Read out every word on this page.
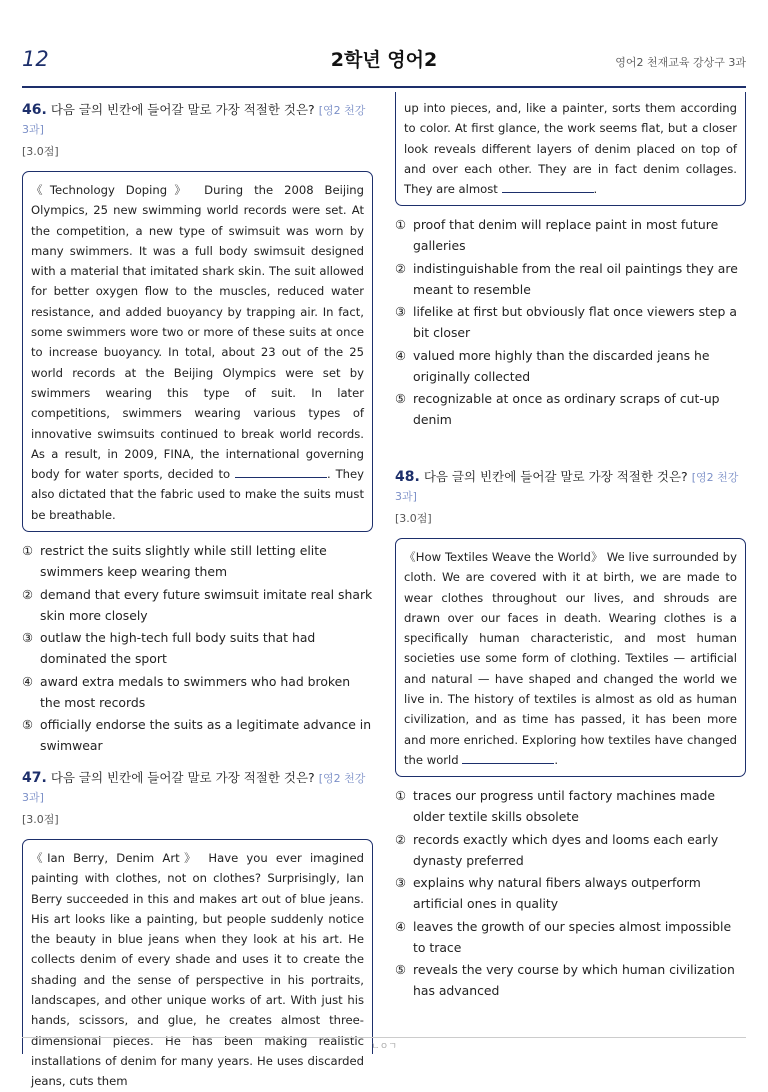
12	2학년 영어2	영어2 천재교육 강상구 3과
46. 다음 글의 빈칸에 들어갈 말로 가장 적절한 것은? [영2 천강 3과]
[3.0점]
《Technology Doping》 During the 2008 Beijing Olympics, 25 new swimming world records were set. At the competition, a new type of swimsuit was worn by many swimmers. It was a full body swimsuit designed with a material that imitated shark skin. The suit allowed for better oxygen flow to the muscles, reduced water resistance, and added buoyancy by trapping air. In fact, some swimmers wore two or more of these suits at once to increase buoyancy. In total, about 23 out of the 25 world records at the Beijing Olympics were set by swimmers wearing this type of suit. In later competitions, swimmers wearing various types of innovative swimsuits continued to break world records. As a result, in 2009, FINA, the international governing body for water sports, decided to	. They also dictated that the fabric used to make the suits must be breathable.
① restrict the suits slightly while still letting elite swimmers keep wearing them
② demand that every future swimsuit imitate real shark skin more closely
③ outlaw the high-tech full body suits that had dominated the sport
④ award extra medals to swimmers who had broken the most records
⑤ officially endorse the suits as a legitimate advance in swimwear
47. 다음 글의 빈칸에 들어갈 말로 가장 적절한 것은? [영2 천강 3과]
[3.0점]
《Ian Berry, Denim Art》 Have you ever imagined painting with clothes, not on clothes? Surprisingly, Ian Berry succeeded in this and makes art out of blue jeans. His art looks like a painting, but people suddenly notice the beauty in blue jeans when they look at his art. He collects denim of every shade and uses it to create the shading and the sense of perspective in his portraits, landscapes, and other unique works of art. With just his hands, scissors, and glue, he creates almost three-dimensional pieces. He has been making realistic installations of denim for many years. He uses discarded jeans, cuts them
up into pieces, and, like a painter, sorts them according to color. At first glance, the work seems flat, but a closer look reveals different layers of denim placed on top of and over each other. They are in fact denim collages. They are almost	.
① proof that denim will replace paint in most future galleries
② indistinguishable from the real oil paintings they are meant to resemble
③ lifelike at first but obviously flat once viewers step a bit closer
④ valued more highly than the discarded jeans he originally collected
⑤ recognizable at once as ordinary scraps of cut-up denim
48. 다음 글의 빈칸에 들어갈 말로 가장 적절한 것은? [영2 천강 3과]
[3.0점]
《How Textiles Weave the World》 We live surrounded by cloth. We are covered with it at birth, we are made to wear clothes throughout our lives, and shrouds are drawn over our faces in death. Wearing clothes is a specifically human characteristic, and most human societies use some form of clothing. Textiles — artificial and natural — have shaped and changed the world we live in. The history of textiles is almost as old as human civilization, and as time has passed, it has been more and more enriched. Exploring how textiles have changed the world	.
① traces our progress until factory machines made older textile skills obsolete
② records exactly which dyes and looms each early dynasty preferred
③ explains why natural fibers always outperform artificial ones in quality
④ leaves the growth of our species almost impossible to trace
⑤ reveals the very course by which human civilization has advanced
ㄴㅇㄱ
